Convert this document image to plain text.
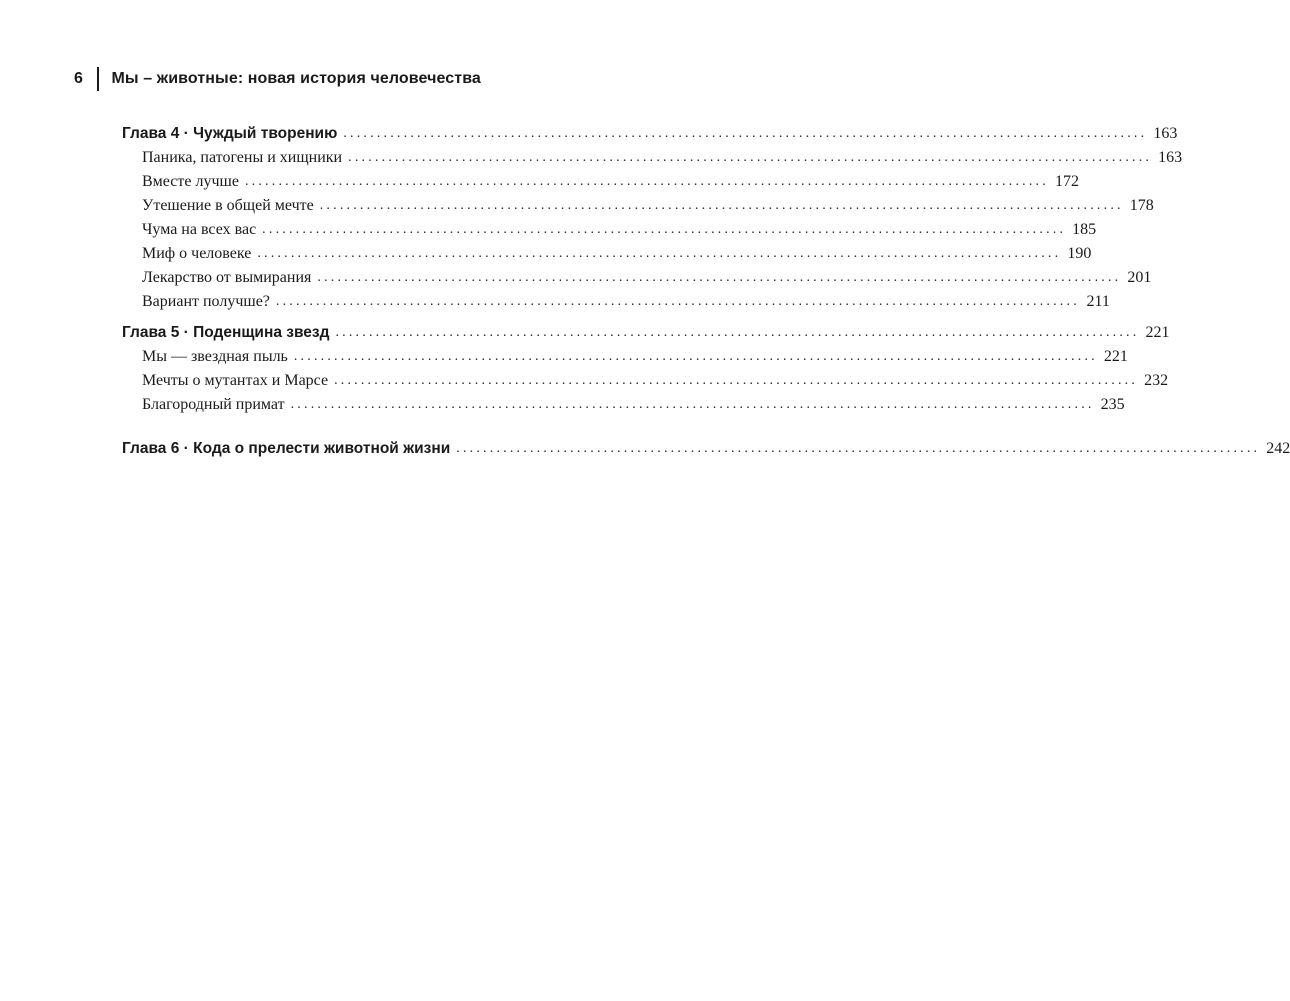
6	Мы – животные: новая история человечества
Глава 4 · Чуждый творению ........................................................................................................................ 163
Паника, патогены и хищники ........................................................................................................................ 163
Вместе лучше ........................................................................................................................ 172
Утешение в общей мечте ........................................................................................................................ 178
Чума на всех вас ........................................................................................................................ 185
Миф о человеке ........................................................................................................................ 190
Лекарство от вымирания ........................................................................................................................ 201
Вариант получше? ........................................................................................................................ 211
Глава 5 · Поденщина звезд ........................................................................................................................ 221
Мы — звездная пыль ........................................................................................................................ 221
Мечты о мутантах и Марсе ........................................................................................................................ 232
Благородный примат ........................................................................................................................ 235
Глава 6 · Кода о прелести животной жизни ........................................................................................................................ 242
